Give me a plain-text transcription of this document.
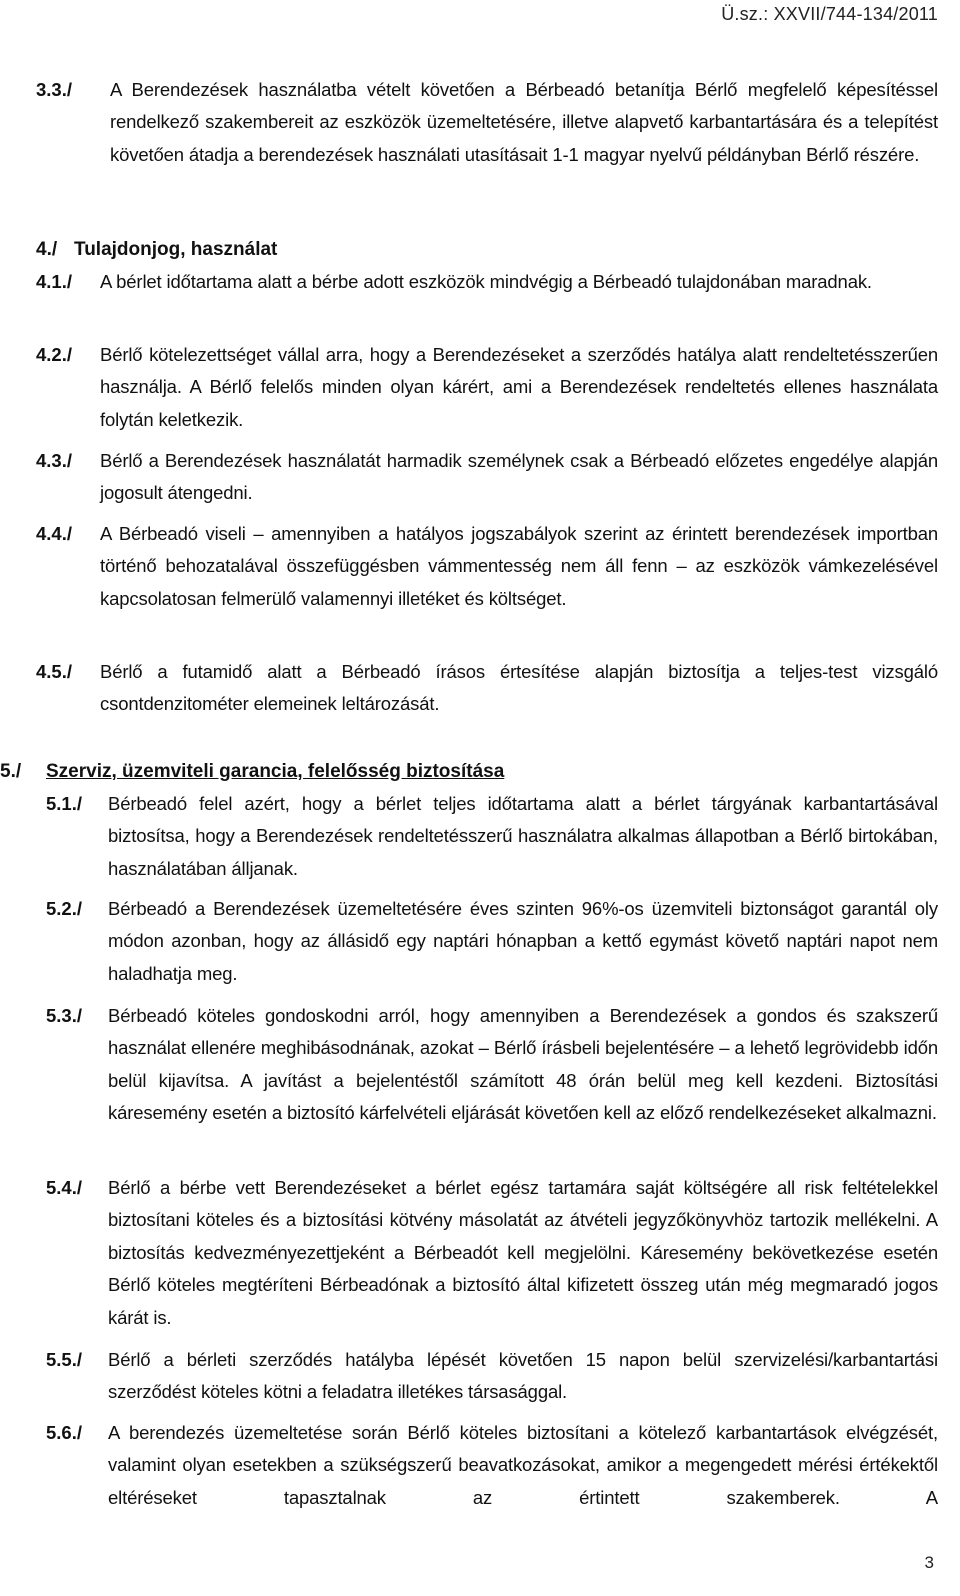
Ü.sz.: XXVII/744-134/2011
3.3./ A Berendezések használatba vételt követően a Bérbeadó betanítja Bérlő megfelelő képesítéssel rendelkező szakembereit az eszközök üzemeltetésére, illetve alapvető karbantartására és a telepítést követően átadja a berendezések használati utasításait 1-1 magyar nyelvű példányban Bérlő részére.
4./ Tulajdonjog, használat
4.1./ A bérlet időtartama alatt a bérbe adott eszközök mindvégig a Bérbeadó tulajdonában maradnak.
4.2./ Bérlő kötelezettséget vállal arra, hogy a Berendezéseket a szerződés hatálya alatt rendeltetésszerűen használja. A Bérlő felelős minden olyan kárért, ami a Berendezések rendeltetés ellenes használata folytán keletkezik.
4.3./ Bérlő a Berendezések használatát harmadik személynek csak a Bérbeadó előzetes engedélye alapján jogosult átengedni.
4.4./ A Bérbeadó viseli – amennyiben a hatályos jogszabályok szerint az érintett berendezések importban történő behozatalával összefüggésben vámmentesség nem áll fenn – az eszközök vámkezelésével kapcsolatosan felmerülő valamennyi illetéket és költséget.
4.5./ Bérlő a futamidő alatt a Bérbeadó írásos értesítése alapján biztosítja a teljes-test vizsgáló csontdenzitométer elemeinek leltározását.
5./ Szerviz, üzemviteli garancia, felelősség biztosítása
5.1./ Bérbeadó felel azért, hogy a bérlet teljes időtartama alatt a bérlet tárgyának karbantartásával biztosítsa, hogy a Berendezések rendeltetésszerű használatra alkalmas állapotban a Bérlő birtokában, használatában álljanak.
5.2./ Bérbeadó a Berendezések üzemeltetésére éves szinten 96%-os üzemviteli biztonságot garantál oly módon azonban, hogy az állásidő egy naptári hónapban a kettő egymást követő naptári napot nem haladhatja meg.
5.3./ Bérbeadó köteles gondoskodni arról, hogy amennyiben a Berendezések a gondos és szakszerű használat ellenére meghibásodnának, azokat – Bérlő írásbeli bejelentésére – a lehető legrövidebb időn belül kijavítsa. A javítást a bejelentéstől számított 48 órán belül meg kell kezdeni. Biztosítási káresemény esetén a biztosító kárfelvételi eljárását követően kell az előző rendelkezéseket alkalmazni.
5.4./ Bérlő a bérbe vett Berendezéseket a bérlet egész tartamára saját költségére all risk feltételekkel biztosítani köteles és a biztosítási kötvény másolatát az átvételi jegyzőkönyvhöz tartozik mellékelni. A biztosítás kedvezményezettjeként a Bérbeadót kell megjelölni. Káresemény bekövetkezése esetén Bérlő köteles megtéríteni Bérbeadónak a biztosító által kifizetett összeg után még megmaradó jogos kárát is.
5.5./ Bérlő a bérleti szerződés hatályba lépését követően 15 napon belül szervizelési/karbantartási szerződést köteles kötni a feladatra illetékes társasággal.
5.6./ A berendezés üzemeltetése során Bérlő köteles biztosítani a kötelező karbantartások elvégzését, valamint olyan esetekben a szükségszerű beavatkozásokat, amikor a megengedett mérési értékektől eltéréseket tapasztalnak az értintett szakemberek. A
3
